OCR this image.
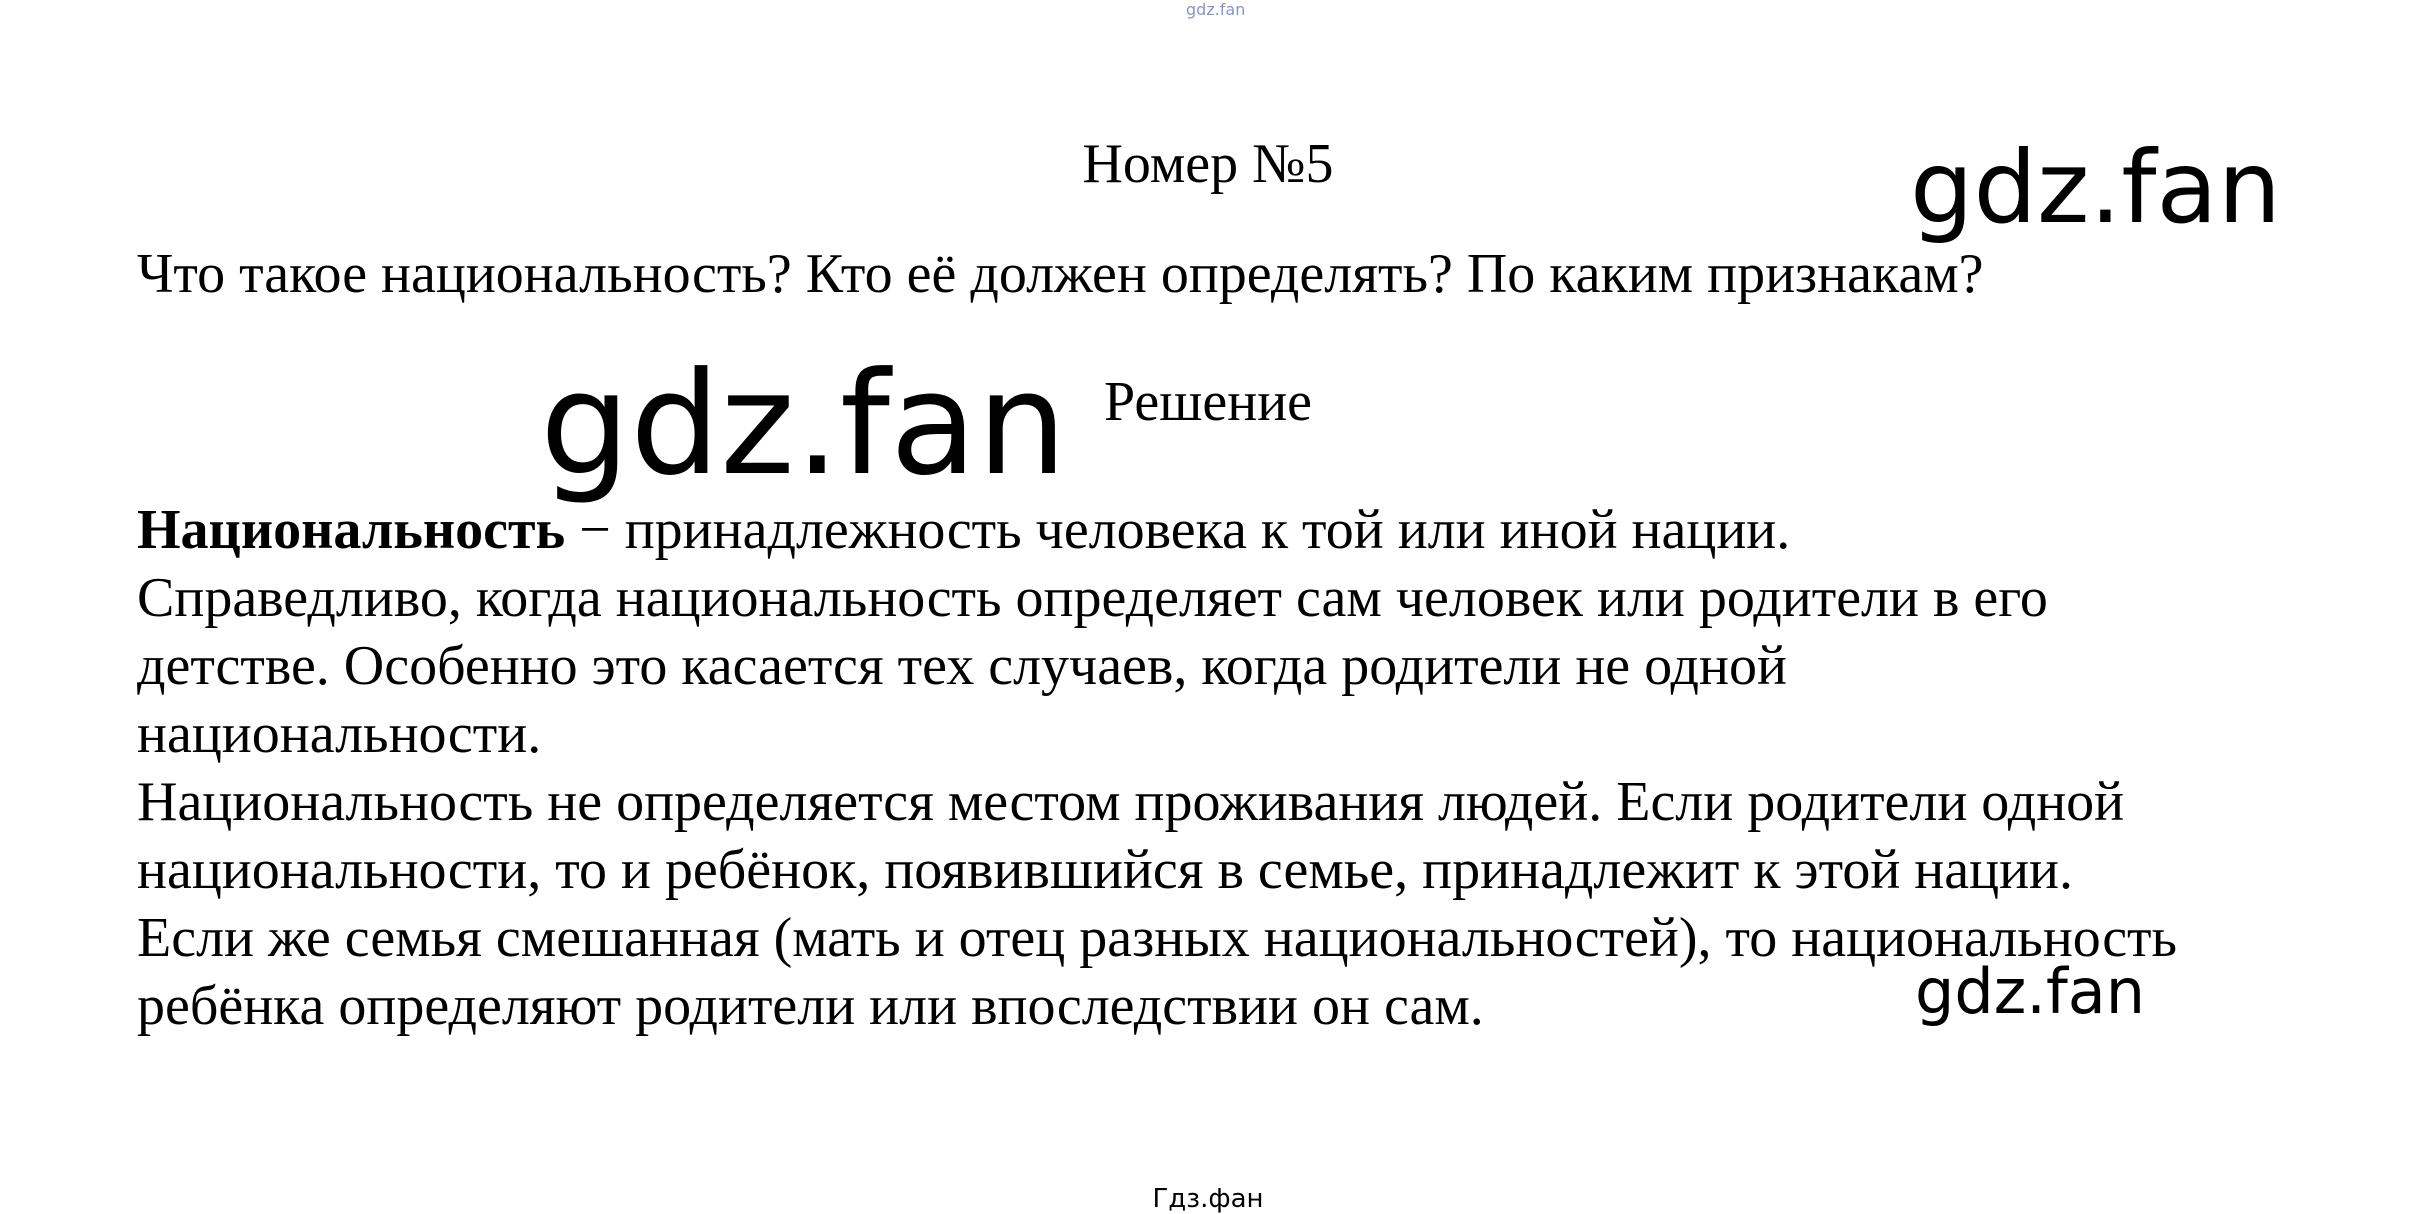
gdz.fan
Номер №5
Что такое национальность? Кто её должен определять? По каким признакам?
Решение
Национальность − принадлежность человека к той или иной нации.
Справедливо, когда национальность определяет сам человек или родители в его
детстве. Особенно это касается тех случаев, когда родители не одной
национальности.
Национальность не определяется местом проживания людей. Если родители одной
национальности, то и ребёнок, появившийся в семье, принадлежит к этой нации.
Если же семья смешанная (мать и отец разных национальностей), то национальность
ребёнка определяют родители или впоследствии он сам.
gdz.fan
gdz.fan
gdz.fan
Гдз.фан
